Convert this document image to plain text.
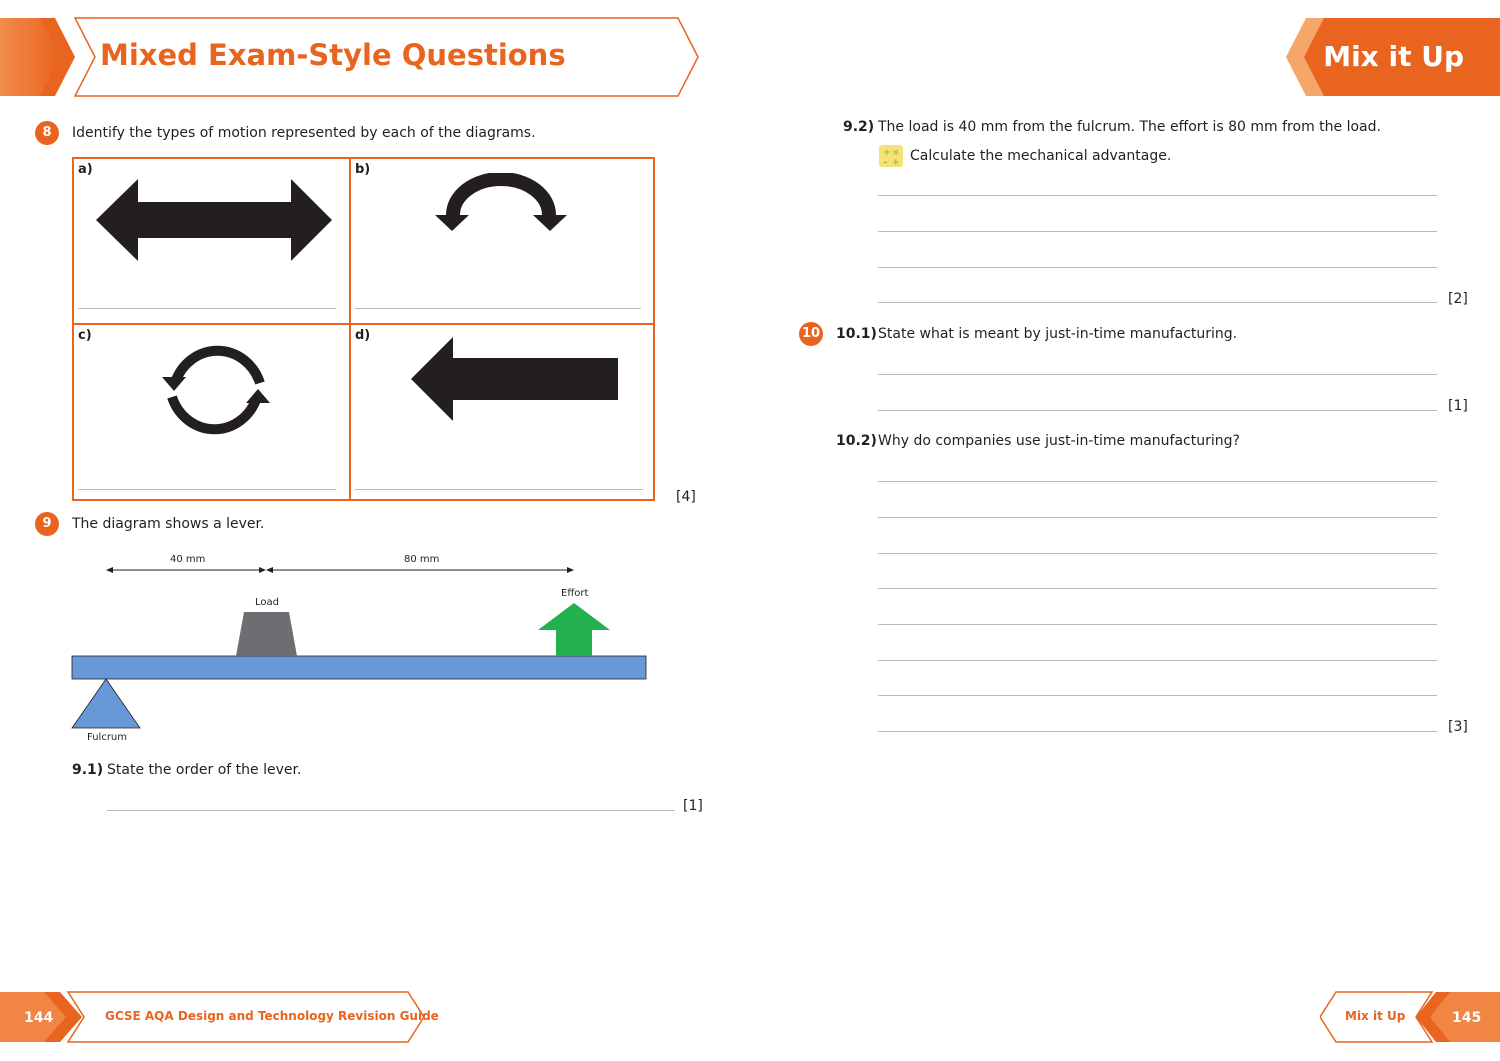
Mixed Exam-Style Questions	Mix it Up
8	Identify the types of motion represented by each of the diagrams.
a)	b)
c)	d)
[4]
9	The diagram shows a lever.
40 mm	80 mm
Load
Effort
Fulcrum
9.1) State the order of the lever.
[1]
9.2) The load is 40 mm from the fulcrum. The effort is 80 mm from the load.
+ ×
– + Calculate the mechanical advantage.
[2]
10 10.1) State what is meant by just-in-time manufacturing.
[1]
10.2) Why do companies use just-in-time manufacturing?
[3]
144	GCSE AQA Design and Technology Revision Guide	Mix it Up	145
